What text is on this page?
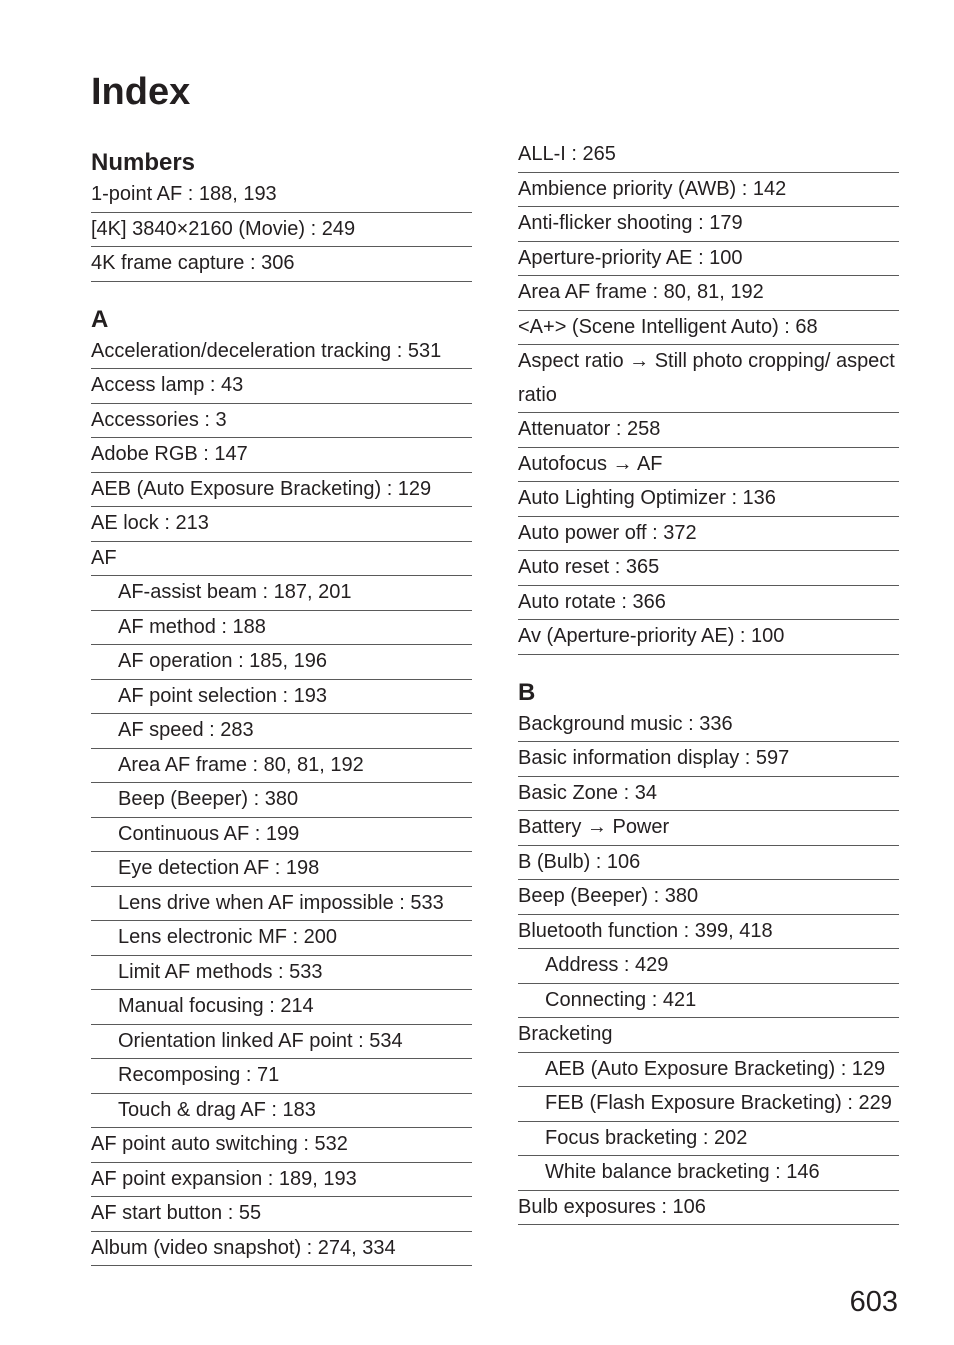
Index
Numbers
1-point AF : 188, 193
[4K] 3840×2160 (Movie) : 249
4K frame capture : 306
A
Acceleration/deceleration tracking : 531
Access lamp : 43
Accessories : 3
Adobe RGB : 147
AEB (Auto Exposure Bracketing) : 129
AE lock : 213
AF
AF-assist beam : 187, 201
AF method : 188
AF operation : 185, 196
AF point selection : 193
AF speed : 283
Area AF frame : 80, 81, 192
Beep (Beeper) : 380
Continuous AF : 199
Eye detection AF : 198
Lens drive when AF impossible : 533
Lens electronic MF : 200
Limit AF methods : 533
Manual focusing : 214
Orientation linked AF point : 534
Recomposing : 71
Touch & drag AF : 183
AF point auto switching : 532
AF point expansion : 189, 193
AF start button : 55
Album (video snapshot) : 274, 334
ALL-I : 265
Ambience priority (AWB) : 142
Anti-flicker shooting : 179
Aperture-priority AE : 100
Area AF frame : 80, 81, 192
<A+> (Scene Intelligent Auto) : 68
Aspect ratio → Still photo cropping/ aspect ratio
Attenuator : 258
Autofocus → AF
Auto Lighting Optimizer : 136
Auto power off : 372
Auto reset : 365
Auto rotate : 366
Av (Aperture-priority AE) : 100
B
Background music : 336
Basic information display : 597
Basic Zone : 34
Battery → Power
B (Bulb) : 106
Beep (Beeper) : 380
Bluetooth function : 399, 418
Address : 429
Connecting : 421
Bracketing
AEB (Auto Exposure Bracketing) : 129
FEB (Flash Exposure Bracketing) : 229
Focus bracketing : 202
White balance bracketing : 146
Bulb exposures : 106
603
